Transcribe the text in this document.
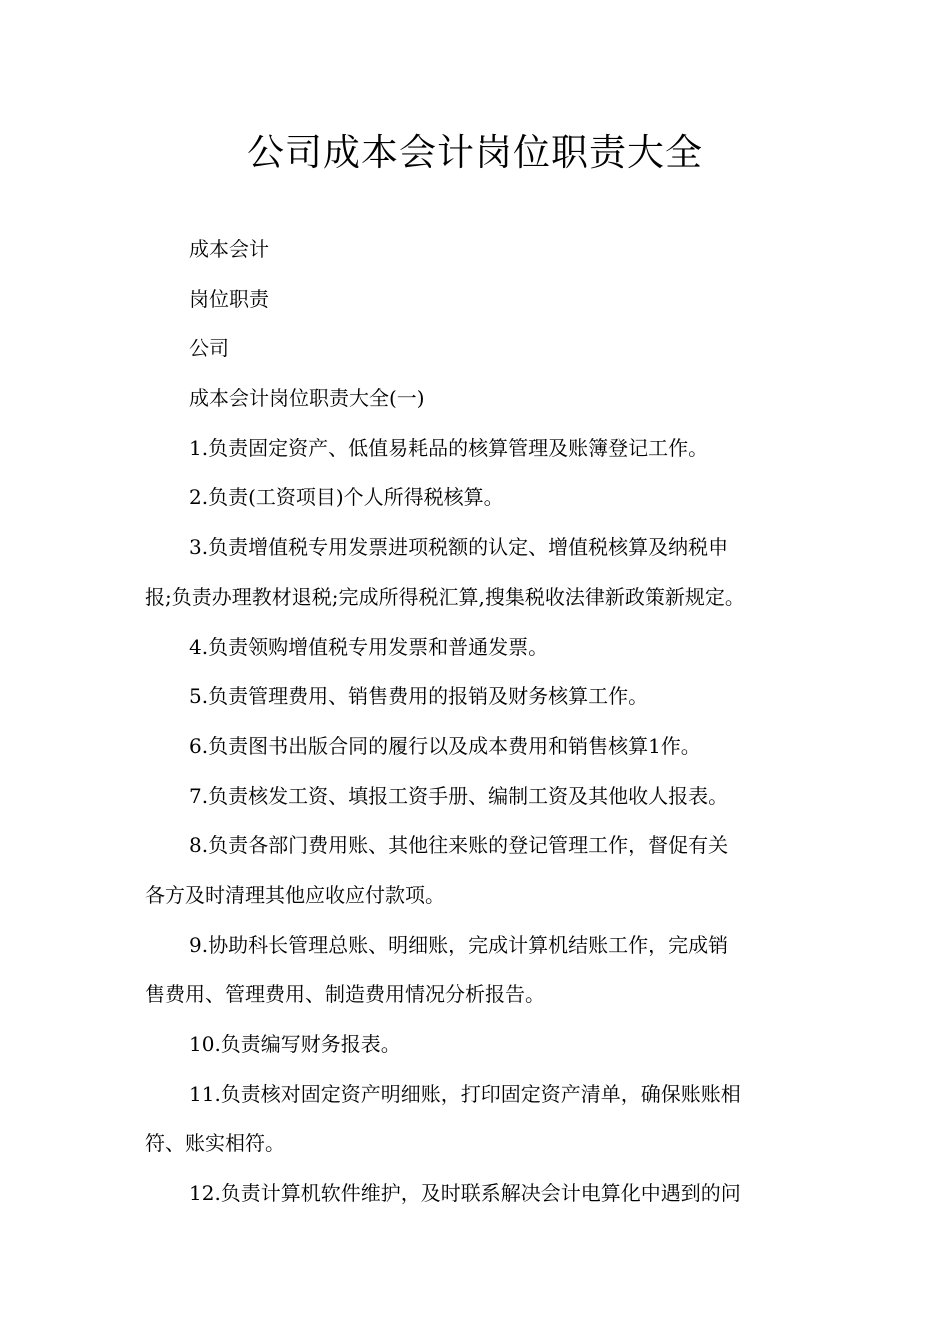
公司成本会计岗位职责大全
成本会计
岗位职责
公司
成本会计岗位职责大全(一)
1.负责固定资产、低值易耗品的核算管理及账簿登记工作。
2.负责(工资项目)个人所得税核算。
3.负责增值税专用发票进项税额的认定、增值税核算及纳税申
报;负责办理教材退税;完成所得税汇算,搜集税收法律新政策新规定。
4.负责领购增值税专用发票和普通发票。
5.负责管理费用、销售费用的报销及财务核算工作。
6.负责图书出版合同的履行以及成本费用和销售核算1作。
7.负责核发工资、填报工资手册、编制工资及其他收人报表。
8.负责各部门费用账、其他往来账的登记管理工作，督促有关
各方及时清理其他应收应付款项。
9.协助科长管理总账、明细账，完成计算机结账工作，完成销
售费用、管理费用、制造费用情况分析报告。
10.负责编写财务报表。
11.负责核对固定资产明细账，打印固定资产清单，确保账账相
符、账实相符。
12.负责计算机软件维护，及时联系解决会计电算化中遇到的问
